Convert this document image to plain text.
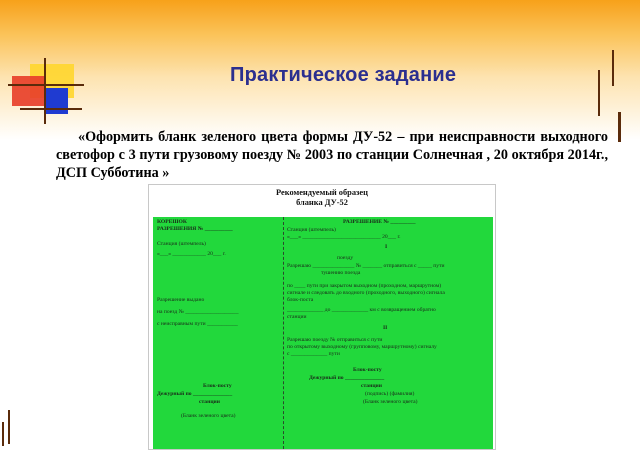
Практическое задание
«Оформить бланк зеленого цвета формы ДУ-52 – при неисправности выходного светофор с 3 пути грузовому поезду № 2003 по станции Солнечная , 20 октября 2014г., ДСП Субботина »
Рекомендуемый образец
бланка ДУ-52
КОРЕШОК
РАЗРЕШЕНИЯ № __________
Станция (штемпель)
«___» ____________ 20___ г.
Разрешение выдано
на поезд № ___________________
с неисправным пути ___________
Блок-посту
Дежурный по ______________
станции
(Бланк зеленого цвета)
РАЗРЕШЕНИЕ № _________
Станция (штемпель)
«___» ____________________________ 20___ г.
I
поезду
Разрешаю _______________ № _______ отправиться с _____ пути
тушению поезда
по ____ пути при закрытом выходном (проходном, маршрутном)
сигнале и следовать до входного (проходного, выходного) сигнала
блок-поста
_____________ до _____________ км с возвращением обратно
станции
II
Разрешаю поезду № отправиться с пути
по открытому выходному (групповому, маршрутному) сигналу
с _____________ пути
Блок-посту
Дежурный по ______________
станции
(подпись) (фамилия)
(Бланк зеленого цвета)
